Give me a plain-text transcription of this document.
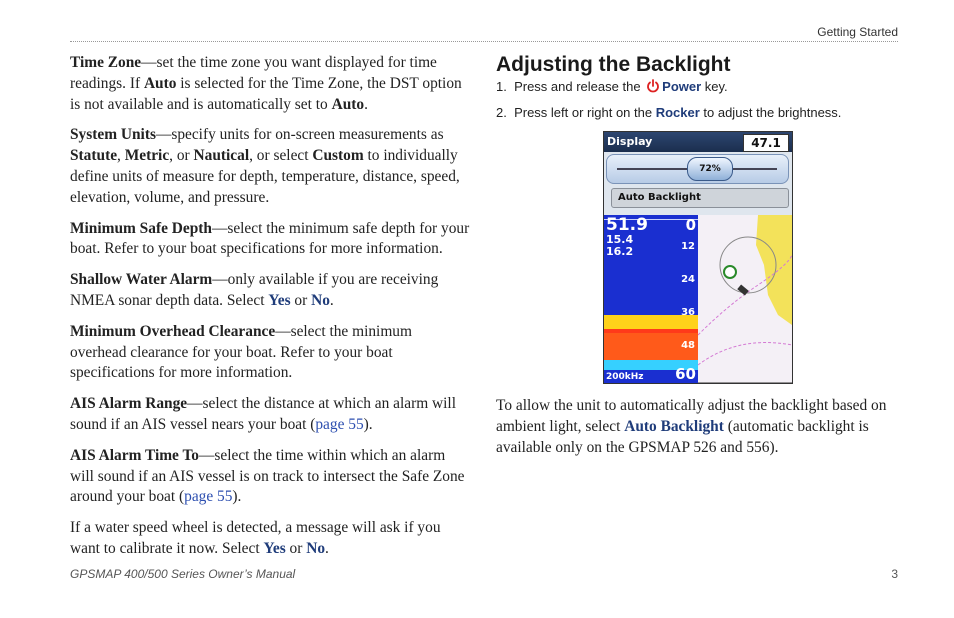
Getting Started

Time Zone—set the time zone you want displayed for time readings. If Auto is selected for the Time Zone, the DST option is not available and is automatically set to Auto.

System Units—specify units for on-screen measurements as Statute, Metric, or Nautical, or select Custom to individually define units of measure for depth, temperature, distance, speed, elevation, volume, and pressure.

Minimum Safe Depth—select the minimum safe depth for your boat. Refer to your boat specifications for more information.

Shallow Water Alarm—only available if you are receiving NMEA sonar depth data. Select Yes or No.

Minimum Overhead Clearance—select the minimum overhead clearance for your boat. Refer to your boat specifications for more information.

AIS Alarm Range—select the distance at which an alarm will sound if an AIS vessel nears your boat (page 55).

AIS Alarm Time To—select the time within which an alarm will sound if an AIS vessel is on track to intersect the Safe Zone around your boat (page 55).

If a water speed wheel is detected, a message will ask if you want to calibrate it now. Select Yes or No.

Adjusting the Backlight
1. Press and release the Power key.
2. Press left or right on the Rocker to adjust the brightness.
Display	47.1
72%
Auto Backlight
51.9
15.4
16.2
0
12
24
36
48
60
200kHz
To allow the unit to automatically adjust the backlight based on ambient light, select Auto Backlight (automatic backlight is available only on the GPSMAP 526 and 556).
GPSMAP 400/500 Series Owner’s Manual	3
